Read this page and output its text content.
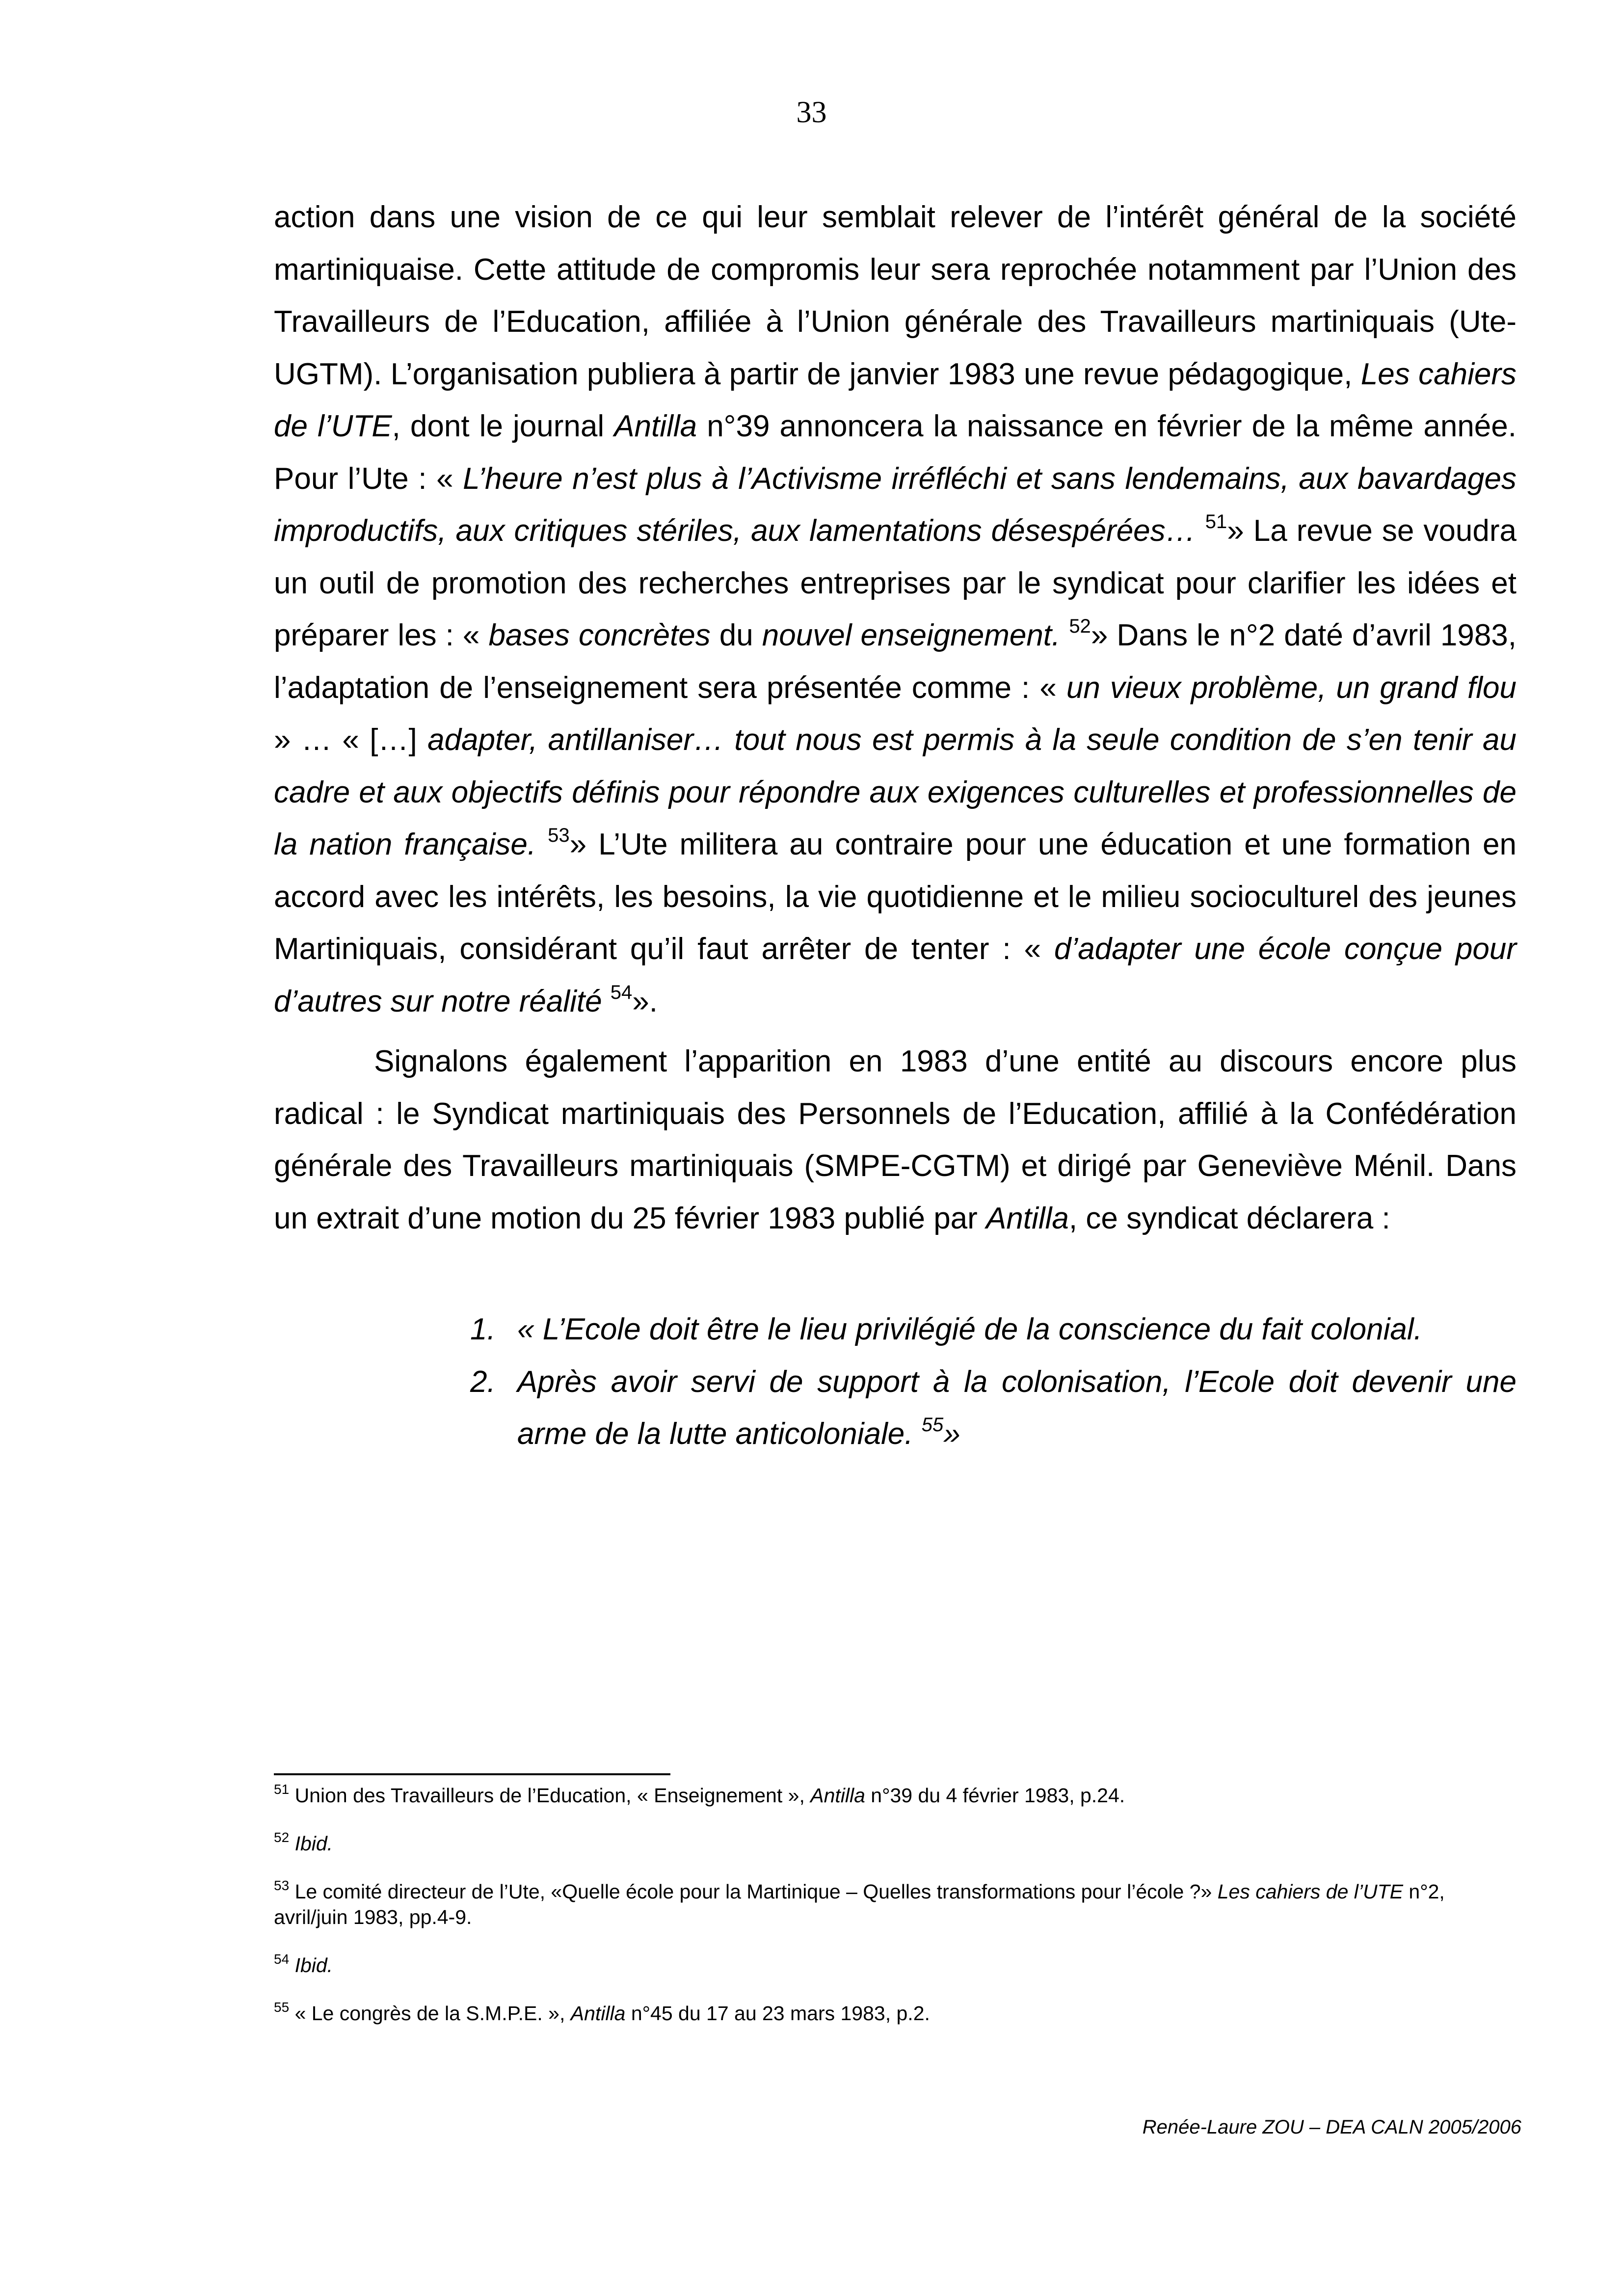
33

action dans une vision de ce qui leur semblait relever de l’intérêt général de la société martiniquaise. Cette attitude de compromis leur sera reprochée notamment par l’Union des Travailleurs de l’Education, affiliée à l’Union générale des Travailleurs martiniquais (Ute-UGTM). L’organisation publiera à partir de janvier 1983 une revue pédagogique, Les cahiers de l’UTE, dont le journal Antilla n°39 annoncera la naissance en février de la même année. Pour l’Ute : « L’heure n’est plus à l’Activisme irréfléchi et sans lendemains, aux bavardages improductifs, aux critiques stériles, aux lamentations désespérées… $^{51}$» La revue se voudra un outil de promotion des recherches entreprises par le syndicat pour clarifier les idées et préparer les : « bases concrètes du nouvel enseignement. $^{52}$» Dans le n°2 daté d’avril 1983, l’adaptation de l’enseignement sera présentée comme : « un vieux problème, un grand flou » … « […] adapter, antillaniser… tout nous est permis à la seule condition de s’en tenir au cadre et aux objectifs définis pour répondre aux exigences culturelles et professionnelles de la nation française. $^{53}$» L’Ute militera au contraire pour une éducation et une formation en accord avec les intérêts, les besoins, la vie quotidienne et le milieu socioculturel des jeunes Martiniquais, considérant qu’il faut arrêter de tenter : « d’adapter une école conçue pour d’autres sur notre réalité $^{54}$».

Signalons également l’apparition en 1983 d’une entité au discours encore plus radical : le Syndicat martiniquais des Personnels de l’Education, affilié à la Confédération générale des Travailleurs martiniquais (SMPE-CGTM) et dirigé par Geneviève Ménil. Dans un extrait d’une motion du 25 février 1983 publié par Antilla, ce syndicat déclarera :

1. « L’Ecole doit être le lieu privilégié de la conscience du fait colonial.
2. Après avoir servi de support à la colonisation, l’Ecole doit devenir une arme de la lutte anticoloniale. $^{55}$»

$^{51}$ Union des Travailleurs de l’Education, « Enseignement », Antilla n°39 du 4 février 1983, p.24.

$^{52}$ Ibid.

$^{53}$ Le comité directeur de l’Ute, «Quelle école pour la Martinique – Quelles transformations pour l’école ?» Les cahiers de l’UTE n°2, avril/juin 1983, pp.4-9.

$^{54}$ Ibid.

$^{55}$ « Le congrès de la S.M.P.E. », Antilla n°45 du 17 au 23 mars 1983, p.2.

Renée-Laure ZOU – DEA CALN 2005/2006
